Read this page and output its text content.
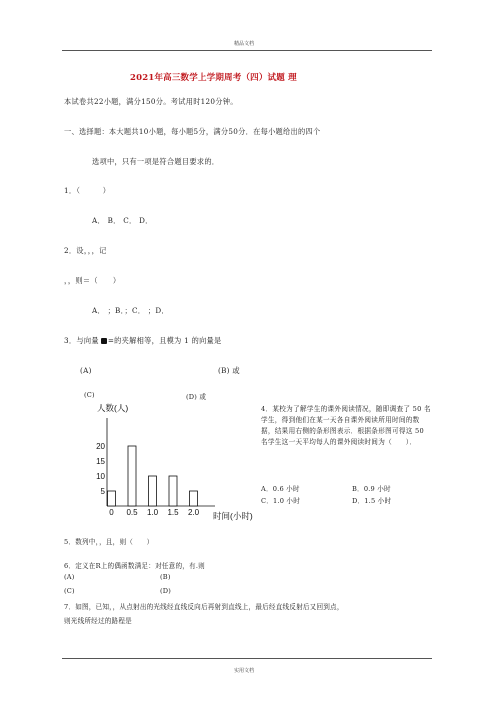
精品文档
2021年高三数学上学期周考（四）试题 理
本试卷共22小题，满分150分。考试用时120分钟。
一、选择题：本大题共10小题，每小题5分，满分50分．在每小题给出的四个
选项中，只有一项是符合题目要求的．
1．（　　　）
A． B． C． D．
2．设，，，记
，，则＝（　　）
A． ；B．；C． ；D．
3．与向量 =的夹解相等，且模为 1 的向量是
(A)	(B) 或
(C)	(D) 或
人数(人)
0 0.5 1.0 1.5 2.0
5
10
15
20
时间(小时)
4．某校为了解学生的课外阅读情况，随即调查了 50 名学生，得到他们在某一天各自课外阅读所用时间的数据，结果用右侧的条形图表示．根据条形图可得这 50 名学生这一天平均每人的课外阅读时间为（　　）．
A．0.6 小时	B．0.9 小时
C．1.0 小时	D．1.5 小时
5．数列中，，且，则（　　）
6．定义在R上的偶函数满足：对任意的，有.则
(A)	(B)
(C)	(D)
7．如图，已知，，从点射出的光线经直线反向后再射到直线上，最后经直线反射后又回到点，
则光线所经过的路程是
实用文档
